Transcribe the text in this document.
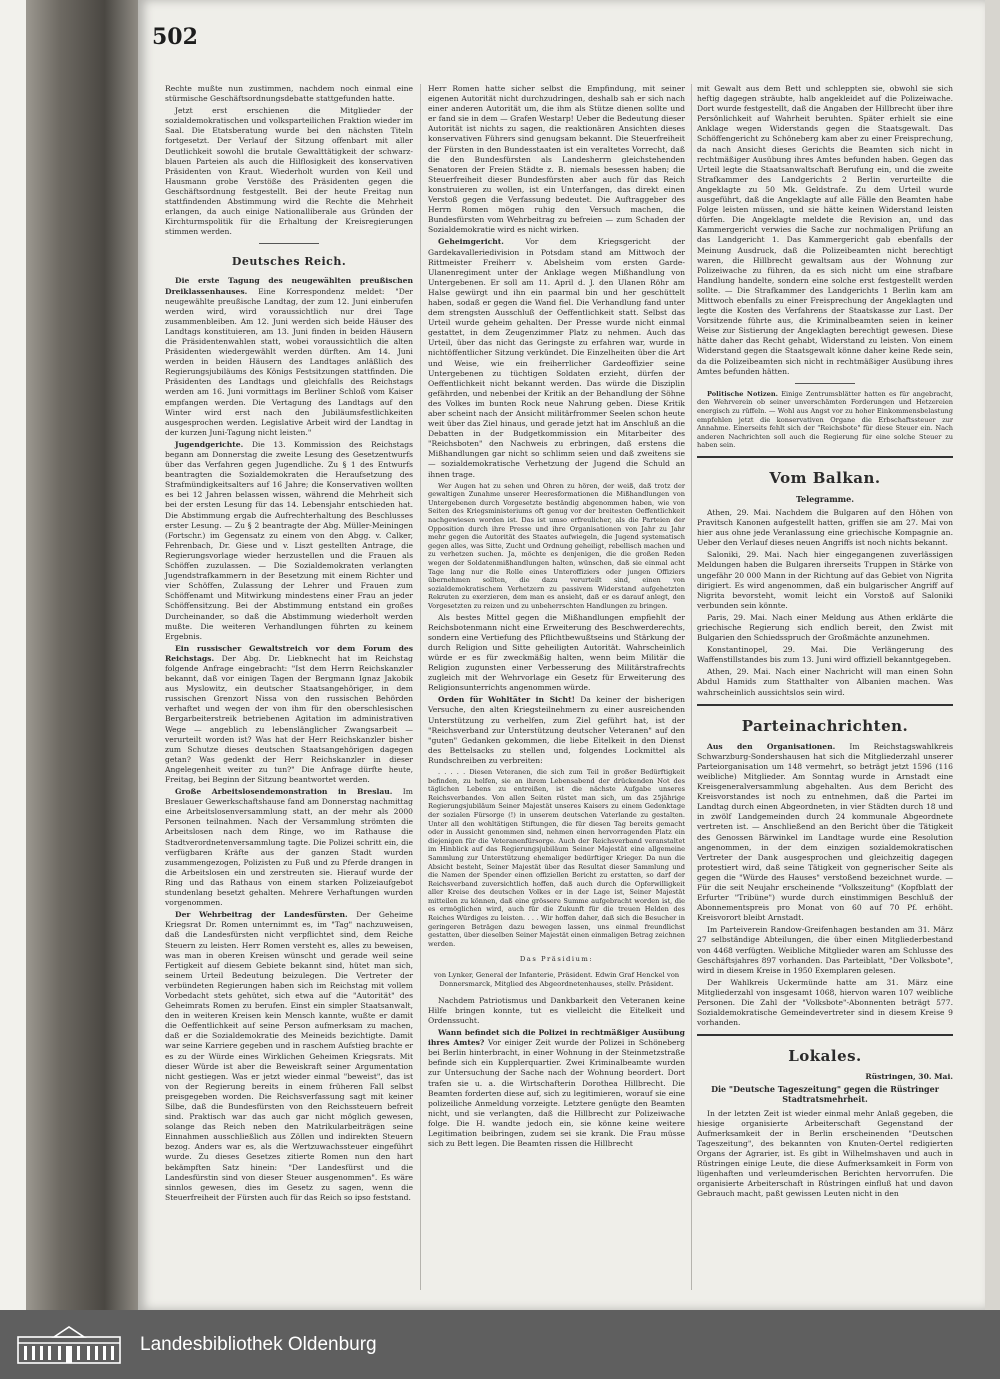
502

Rechte mußte nun zustimmen, nachdem noch einmal eine stürmische Geschäftsordnungsdebatte stattgefunden hatte.

Jetzt erst erschienen die Mitglieder der sozialdemokratischen und volksparteilichen Fraktion wieder im Saal. Die Etatsberatung wurde bei den nächsten Titeln fortgesetzt. Der Verlauf der Sitzung offenbart mit aller Deutlichkeit sowohl die brutale Gewalttätigkeit der schwarz-blauen Parteien als auch die Hilflosigkeit des konservativen Präsidenten von Kraut. Wiederholt wurden von Keil und Hausmann grobe Verstöße des Präsidenten gegen die Geschäftsordnung festgestellt. Bei der heute Freitag nun stattfindenden Abstimmung wird die Rechte die Mehrheit erlangen, da auch einige Nationalliberale aus Gründen der Kirchturmspolitik für die Erhaltung der Kreisregierungen stimmen werden.

Deutsches Reich.

Die erste Tagung des neugewählten preußischen Dreiklassenhauses. Eine Korrespondenz meldet: "Der neugewählte preußische Landtag, der zum 12. Juni einberufen werden wird, wird voraussichtlich nur drei Tage zusammenbleiben. Am 12. Juni werden sich beide Häuser des Landtags konstituieren, am 13. Juni finden in beiden Häusern die Präsidentenwahlen statt, wobei voraussichtlich die alten Präsidenten wiedergewählt werden dürften. Am 14. Juni werden in beiden Häusern des Landtages anläßlich des Regierungsjubiläums des Königs Festsitzungen stattfinden. Die Präsidenten des Landtags und gleichfalls des Reichstags werden am 16. Juni vormittags im Berliner Schloß vom Kaiser empfangen werden. Die Vertagung des Landtags auf den Winter wird erst nach den Jubiläumsfestlichkeiten ausgesprochen werden. Legislative Arbeit wird der Landtag in der kurzen Juni-Tagung nicht leisten."

Jugendgerichte. Die 13. Kommission des Reichstags begann am Donnerstag die zweite Lesung des Gesetzentwurfs über das Verfahren gegen Jugendliche. Zu § 1 des Entwurfs beantragten die Sozialdemokraten die Heraufsetzung des Strafmündigkeitsalters auf 16 Jahre; die Konservativen wollten es bei 12 Jahren belassen wissen, während die Mehrheit sich bei der ersten Lesung für das 14. Lebensjahr entschieden hat. Die Abstimmung ergab die Aufrechterhaltung des Beschlusses erster Lesung. — Zu § 2 beantragte der Abg. Müller-Meiningen (Fortschr.) im Gegensatz zu einem von den Abgg. v. Calker, Fehrenbach, Dr. Giese und v. Liszt gestellten Antrage, die Regierungsvorlage wieder herzustellen und die Frauen als Schöffen zuzulassen. — Die Sozialdemokraten verlangten Jugendstrafkammern in der Besetzung mit einem Richter und vier Schöffen, Zulassung der Lehrer und Frauen zum Schöffenamt und Mitwirkung mindestens einer Frau an jeder Schöffensitzung. Bei der Abstimmung entstand ein großes Durcheinander, so daß die Abstimmung wiederholt werden mußte. Die weiteren Verhandlungen führten zu keinem Ergebnis.

Ein russischer Gewaltstreich vor dem Forum des Reichstags. Der Abg. Dr. Liebknecht hat im Reichstag folgende Anfrage eingebracht: "Ist dem Herrn Reichskanzler bekannt, daß vor einigen Tagen der Bergmann Ignaz Jakobik aus Myslowitz, ein deutscher Staatsangehöriger, in dem russischen Grenzort Nissa von den russischen Behörden verhaftet und wegen der von ihm für den oberschlesischen Bergarbeiterstreik betriebenen Agitation im administrativen Wege — angeblich zu lebenslänglicher Zwangsarbeit — verurteilt worden ist? Was hat der Herr Reichskanzler bisher zum Schutze dieses deutschen Staatsangehörigen dagegen getan? Was gedenkt der Herr Reichskanzler in dieser Angelegenheit weiter zu tun?" Die Anfrage dürfte heute, Freitag, bei Beginn der Sitzung beantwortet werden.

Große Arbeitslosendemonstration in Breslau. Im Breslauer Gewerkschaftshause fand am Donnerstag nachmittag eine Arbeitslosenversammlung statt, an der mehr als 2000 Personen teilnahmen. Nach der Versammlung strömten die Arbeitslosen nach dem Ringe, wo im Rathause die Stadtverordnetenversammlung tagte. Die Polizei schritt ein, die verfügbaren Kräfte aus der ganzen Stadt wurden zusammengezogen, Polizisten zu Fuß und zu Pferde drangen in die Arbeitslosen ein und zerstreuten sie. Hierauf wurde der Ring und das Rathaus von einem starken Polizeiaufgebot stundenlang besetzt gehalten. Mehrere Verhaftungen wurden vorgenommen.

Der Wehrbeitrag der Landesfürsten. Der Geheime Kriegsrat Dr. Romen unternimmt es, im "Tag" nachzuweisen, daß die Landesfürsten nicht verpflichtet sind, dem Reiche Steuern zu leisten. Herr Romen versteht es, alles zu beweisen, was man in oberen Kreisen wünscht und gerade weil seine Fertigkeit auf diesem Gebiete bekannt sind, hütet man sich, seinem Urteil Bedeutung beizulegen. Die Vertreter der verbündeten Regierungen haben sich im Reichstag mit vollem Vorbedacht stets gehütet, sich etwa auf die "Autorität" des Geheimrats Romen zu berufen. Einst ein simpler Staatsanwalt, den in weiteren Kreisen kein Mensch kannte, wußte er damit die Oeffentlichkeit auf seine Person aufmerksam zu machen, daß er die Sozialdemokratie des Meineids bezichtigte. Damit war seine Karriere gegeben und in raschem Aufstieg brachte er es zu der Würde eines Wirklichen Geheimen Kriegsrats. Mit dieser Würde ist aber die Beweiskraft seiner Argumentation nicht gestiegen. Was er jetzt wieder einmal "beweist", das ist von der Regierung bereits in einem früheren Fall selbst preisgegeben worden. Die Reichsverfassung sagt mit keiner Silbe, daß die Bundesfürsten von den Reichssteuern befreit sind. Praktisch war das auch gar nicht möglich gewesen, solange das Reich neben den Matrikularbeiträgen seine Einnahmen ausschließlich aus Zöllen und indirekten Steuern bezog. Anders war es, als die Wertzuwachssteuer eingeführt wurde. Zu dieses Gesetzes zitierte Romen nun den hart bekämpften Satz hinein: "Der Landesfürst und die Landesfürstin sind von dieser Steuer ausgenommen". Es wäre sinnlos gewesen, dies im Gesetz zu sagen, wenn die Steuerfreiheit der Fürsten auch für das Reich so ipso feststand.

Herr Romen hatte sicher selbst die Empfindung, mit seiner eigenen Autorität nicht durchzudringen, deshalb sah er sich nach einer anderen Autorität um, die ihm als Stütze dienen sollte und er fand sie in dem — Grafen Westarp! Ueber die Bedeutung dieser Autorität ist nichts zu sagen, die reaktionären Ansichten dieses konservativen Führers sind genugsam bekannt. Die Steuerfreiheit der Fürsten in den Bundesstaaten ist ein veraltetes Vorrecht, daß die den Bundesfürsten als Landesherrn gleichstehenden Senatoren der Freien Städte z. B. niemals besessen haben; die Steuerfreiheit dieser Bundesfürsten aber auch für das Reich konstruieren zu wollen, ist ein Unterfangen, das direkt einen Verstoß gegen die Verfassung bedeutet. Die Auftraggeber des Herrn Romen mögen ruhig den Versuch machen, die Bundesfürsten vom Wehrbeitrag zu befreien — zum Schaden der Sozialdemokratie wird es nicht wirken.

Geheimgericht.	Vor dem Kriegsgericht der Gardekavalleriedivision in Potsdam stand am Mittwoch der Rittmeister Freiherr v. Abelsheim vom ersten Garde-Ulanenregiment unter der Anklage wegen Mißhandlung von Untergebenen. Er soll am 11. April d. J. den Ulanen Röhr am Halse gewürgt und ihn ein paarmal bin und her geschüttelt haben, sodaß er gegen die Wand fiel. Die Verhandlung fand unter dem strengsten Ausschluß der Oeffentlichkeit statt. Selbst das Urteil wurde geheim gehalten. Der Presse wurde nicht einmal gestattet, in dem Zeugenzimmer Platz zu nehmen. Auch das Urteil, über das nicht das Geringste zu erfahren war, wurde in nichtöffentlicher Sitzung verkündet. Die Einzelheiten über die Art und Weise, wie ein freiherrlicher Gardeoffizier seine Untergebenen zu tüchtigen Soldaten erzieht, dürfen der Oeffentlichkeit nicht bekannt werden. Das würde die Disziplin gefährden, und nebenbei der Kritik an der Behandlung der Söhne des Volkes im bunten Rock neue Nahrung geben. Diese Kritik aber scheint nach der Ansicht militärfrommer Seelen schon heute weit über das Ziel hinaus, und gerade jetzt hat im Anschluß an die Debatten in der Budgetkommission ein Mitarbeiter des "Reichsboten" den Nachweis zu erbringen, daß erstens die Mißhandlungen gar nicht so schlimm seien und daß zweitens sie — sozialdemokratische Verhetzung der Jugend die Schuld an ihnen trage.

Wer Augen hat zu sehen und Ohren zu hören, der weiß, daß trotz der gewaltigen Zunahme unserer Heeresformationen die Mißhandlungen von Untergebenen durch Vorgesetzte beständig abgenommen haben, wie von Seiten des Kriegsministeriums oft genug vor der breitesten Oeffentlichkeit nachgewiesen worden ist. Das ist umso erfreulicher, als die Parteien der Opposition durch ihre Presse und ihre Organisationen von Jahr zu Jahr mehr gegen die Autorität des Staates aufwiegeln, die Jugend systematisch gegen alles, was Sitte, Zucht und Ordnung geheiligt, rebellisch machen und zu verhetzen suchen. Ja, möchte es denjenigen, die die großen Reden wegen der Soldatenmißhandlungen halten, wünschen, daß sie einmal acht Tage lang nur die Rolle eines Unteroffiziers oder jungen Offiziers übernehmen sollten, die dazu verurteilt sind, einen von sozialdemokratischem Verhetzern zu passivem Widerstand aufgehetzten Rekruten zu exerzieren, dem man es ansieht, daß er es darauf anlegt, den Vorgesetzten zu reizen und zu unbeherrschten Handlungen zu bringen.

Als bestes Mittel gegen die Mißhandlungen empfiehlt der Reichsbotenmann nicht eine Erweiterung des Beschwerderechts, sondern eine Vertiefung des Pflichtbewußtseins und Stärkung der durch Religion und Sitte geheiligten Autorität. Wahrscheinlich würde er es für zweckmäßig halten, wenn beim Militär die Religion zugunsten einer Verbesserung des Militärstrafrechts zugleich mit der Wehrvorlage ein Gesetz für Erweiterung des Religionsunterrichts angenommen würde.

Orden für Wohltäter in Sicht! Da keiner der bisherigen Versuche, den alten Kriegsteilnehmern zu einer ausreichenden Unterstützung zu verhelfen, zum Ziel geführt hat, ist der "Reichsverband zur Unterstützung deutscher Veteranen" auf den "guten" Gedanken gekommen, die liebe Eitelkeit in den Dienst des Bettelsacks zu stellen und, folgendes Lockmittel als Rundschreiben zu verbreiten:

. . . . . Diesen Veteranen, die sich zum Teil in großer Bedürftigkeit befinden, zu helfen, sie an ihrem Lebensabend der drückenden Not des täglichen Lebens zu entreißen, ist die nächste Aufgabe unseres Reichsverbandes. Von allen Seiten rüstet man sich, um das 25jährige Regierungsjubiläum Seiner Majestät unseres Kaisers zu einem Gedenktage der sozialen Fürsorge (!) in unserem deutschen Vaterlande zu gestalten. Unter all den wohltätigen Stiftungen, die für diesen Tag bereits gemacht oder in Aussicht genommen sind, nehmen einen hervorragenden Platz ein diejenigen für die Veteranenfürsorge. Auch der Reichsverband veranstaltet im Hinblick auf das Regierungsjubiläum Seiner Majestät eine allgemeine Sammlung zur Unterstützung ehemaliger bedürftiger Krieger. Da nun die Absicht besteht, Seiner Majestät über das Resultat dieser Sammlung und die Namen der Spender einen offiziellen Bericht zu erstatten, so darf der Reichsverband zuversichtlich hoffen, daß auch durch die Opferwilligkeit aller Kreise des deutschen Volkes er in der Lage ist, Seiner Majestät mitteilen zu können, daß eine grössere Summe aufgebracht worden ist, die es ermöglichen wird, auch für die Zukunft für die treuen Helden des Reiches Würdiges zu leisten. . . . Wir hoffen daher, daß sich die Besucher in geringeren Beträgen dazu bewegen lassen, uns einmal freundlichst gestatten, über dieselben Seiner Majestät einen einmaligen Betrag zeichnen werden.

Das Präsidium:

von Lynker, General der Infanterie, Präsident. Edwin Graf Henckel von Donnersmarck, Mitglied des Abgeordnetenhauses, stellv. Präsident.

Nachdem Patriotismus und Dankbarkeit den Veteranen keine Hilfe bringen konnte, tut es vielleicht die Eitelkeit und Ordenssucht.

Wann befindet sich die Polizei in rechtmäßiger Ausübung ihres Amtes? Vor einiger Zeit wurde der Polizei in Schöneberg bei Berlin hinterbracht, in einer Wohnung in der Steinmetzstraße befinde sich ein Kupplerquartier. Zwei Kriminalbeamte wurden zur Untersuchung der Sache nach der Wohnung beordert. Dort trafen sie u. a. die Wirtschafterin Dorothea Hillbrecht. Die Beamten forderten diese auf, sich zu legitimieren, worauf sie eine polizeiliche Anmeldung vorzeigte. Letztere genügte den Beamten nicht, und sie verlangten, daß die Hillbrecht zur Polizeiwache folge. Die H. wandte jedoch ein, sie könne keine weitere Legitimation beibringen, zudem sei sie krank. Die Frau müsse sich zu Bett legen. Die Beamten rissen die Hillbrecht

mit Gewalt aus dem Bett und schleppten sie, obwohl sie sich heftig dagegen sträubte, halb angekleidet auf die Polizeiwache. Dort wurde festgestellt, daß die Angaben der Hillbrecht über ihre Persönlichkeit auf Wahrheit beruhten. Später erhielt sie eine Anklage wegen Widerstands gegen die Staatsgewalt. Das Schöffengericht zu Schöneberg kam aber zu einer Freisprechung, da nach Ansicht dieses Gerichts die Beamten sich nicht in rechtmäßiger Ausübung ihres Amtes befunden haben. Gegen das Urteil legte die Staatsanwaltschaft Berufung ein, und die zweite Strafkammer des Landgerichts 2 Berlin verurteilte die Angeklagte zu 50 Mk. Geldstrafe. Zu dem Urteil wurde ausgeführt, daß die Angeklagte auf alle Fälle den Beamten habe Folge leisten müssen, und sie hätte keinen Widerstand leisten dürfen. Die Angeklagte meldete die Revision an, und das Kammergericht verwies die Sache zur nochmaligen Prüfung an das Landgericht 1. Das Kammergericht gab ebenfalls der Meinung Ausdruck, daß die Polizeibeamten nicht berechtigt waren, die Hillbrecht gewaltsam aus der Wohnung zur Polizeiwache zu führen, da es sich nicht um eine strafbare Handlung handelte, sondern eine solche erst festgestellt werden sollte. — Die Strafkammer des Landgerichts 1 Berlin kam am Mittwoch ebenfalls zu einer Freisprechung der Angeklagten und legte die Kosten des Verfahrens der Staatskasse zur Last. Der Vorsitzende führte aus, die Kriminalbeamten seien in keiner Weise zur Sistierung der Angeklagten berechtigt gewesen. Diese hätte daher das Recht gehabt, Widerstand zu leisten. Von einem Widerstand gegen die Staatsgewalt könne daher keine Rede sein, da die Polizeibeamten sich nicht in rechtmäßiger Ausübung ihres Amtes befunden hätten.

Politische Notizen. Einige Zentrumsblätter hatten es für angebracht, den Wehrverein ob seiner unverschämten Forderungen und Hetzereien energisch zu rüffeln. — Wohl aus Angst vor zu hoher Einkommensbelastung empfehlen jetzt die konservativen Organe die Erbschaftssteuer zur Annahme. Einerseits fehlt sich der "Reichsbote" für diese Steuer ein. Nach anderen Nachrichten soll auch die Regierung für eine solche Steuer zu haben sein.

Vom Balkan.
Telegramme.

Athen, 29. Mai. Nachdem die Bulgaren auf den Höhen von Pravitsch Kanonen aufgestellt hatten, griffen sie am 27. Mai von hier aus ohne jede Veranlassung eine griechische Kompagnie an. Ueber den Verlauf dieses neuen Angriffs ist noch nichts bekannt.

Saloniki, 29. Mai. Nach hier eingegangenen zuverlässigen Meldungen haben die Bulgaren ihrerseits Truppen in Stärke von ungefähr 20 000 Mann in der Richtung auf das Gebiet von Nigrita dirigiert. Es wird angenommen, daß ein bulgarischer Angriff auf Nigrita bevorsteht, womit leicht ein Vorstoß auf Saloniki verbunden sein könnte.

Paris, 29. Mai. Nach einer Meldung aus Athen erklärte die griechische Regierung sich endlich bereit, den Zwist mit Bulgarien den Schiedsspruch der Großmächte anzunehmen.

Konstantinopel, 29. Mai. Die Verlängerung des Waffenstillstandes bis zum 13. Juni wird offiziell bekanntgegeben.

Athen, 29. Mai. Nach einer Nachricht will man einen Sohn Abdul Hamids zum Statthalter von Albanien machen. Was wahrscheinlich aussichtslos sein wird.

Parteinachrichten.

Aus den Organisationen. Im Reichstagswahlkreis Schwarzburg-Sondershausen hat sich die Mitgliederzahl unserer Parteiorganisation um 148 vermehrt, so beträgt jetzt 1596 (116 weibliche) Mitglieder. Am Sonntag wurde in Arnstadt eine Kreisgeneralversammlung abgehalten. Aus dem Bericht des Kreisvorstandes ist noch zu entnehmen, daß die Partei im Landtag durch einen Abgeordneten, in vier Städten durch 18 und in zwölf Landgemeinden durch 24 kommunale Abgeordnete vertreten ist. — Anschließend an den Bericht über die Tätigkeit des Genossen Bärwinkel im Landtage wurde eine Resolution angenommen, in der dem einzigen sozialdemokratischen Vertreter der Dank ausgesprochen und gleichzeitig dagegen protestiert wird, daß seine Tätigkeit von gegnerischer Seite als gegen die "Würde des Hauses" verstoßend bezeichnet wurde. — Für die seit Neujahr erscheinende "Volkszeitung" (Kopfblatt der Erfurter "Tribüne") wurde durch einstimmigen Beschluß der Abonnementspreis pro Monat von 60 auf 70 Pf. erhöht. Kreisvorort bleibt Arnstadt.

Im Parteiverein Randow-Greifenhagen bestanden am 31. März 27 selbständige Abteilungen, die über einen Mitgliederbestand von 4468 verfügten. Weibliche Mitglieder waren am Schlusse des Geschäftsjahres 897 vorhanden. Das Parteiblatt, "Der Volksbote", wird in diesem Kreise in 1950 Exemplaren gelesen.

Der Wahlkreis Uckermünde hatte am 31. März eine Mitgliederzahl von insgesamt 1068, hiervon waren 107 weibliche Personen. Die Zahl der "Volksbote"-Abonnenten beträgt 577. Sozialdemokratische Gemeindevertreter sind in diesem Kreise 9 vorhanden.

Lokales.

Rüstringen, 30. Mai.

Die "Deutsche Tageszeitung" gegen die Rüstringer Stadtratsmehrheit.

In der letzten Zeit ist wieder einmal mehr Anlaß gegeben, die hiesige organisierte Arbeiterschaft Gegenstand der Aufmerksamkeit der in Berlin erscheinenden "Deutschen Tageszeitung", des bekannten von Knuten-Oertel redigierten Organs der Agrarier, ist. Es gibt in Wilhelmshaven und auch in Rüstringen einige Leute, die diese Aufmerksamkeit in Form von lügenhaften und verleumderischen Berichten hervorrufen. Die organisierte Arbeiterschaft in Rüstringen einfluß hat und davon Gebrauch macht, paßt gewissen Leuten nicht in den

Landesbibliothek Oldenburg
